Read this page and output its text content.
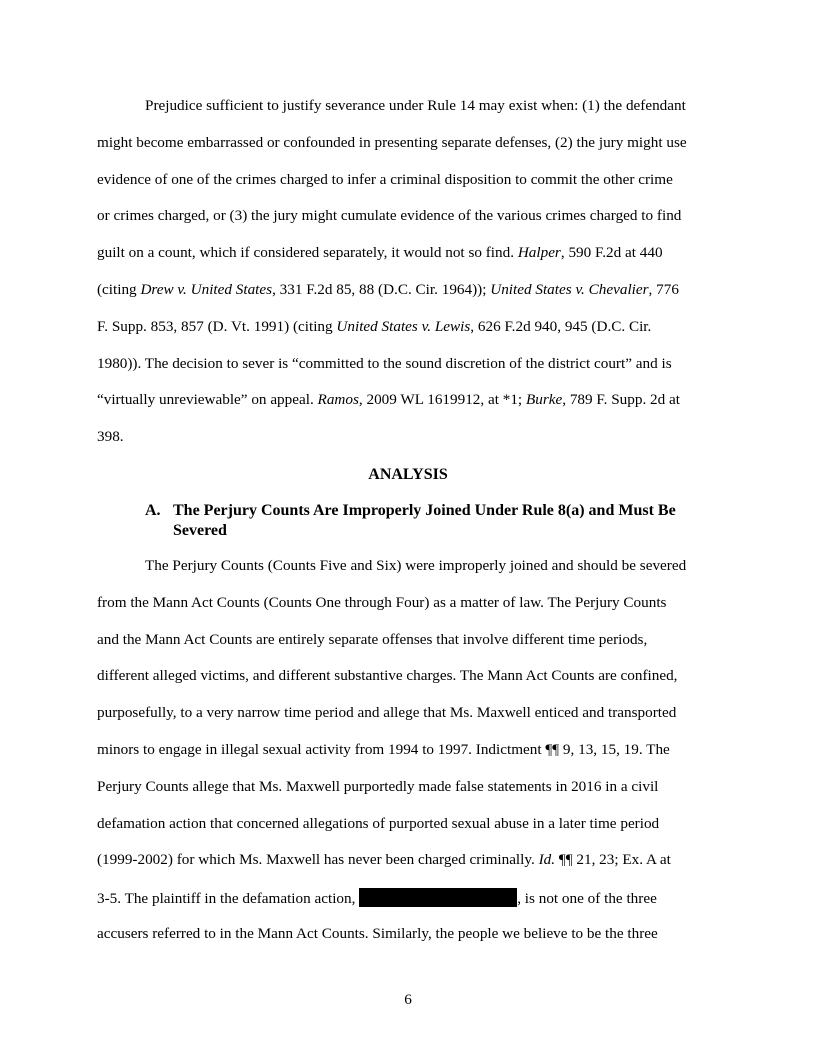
Prejudice sufficient to justify severance under Rule 14 may exist when: (1) the defendant
might become embarrassed or confounded in presenting separate defenses, (2) the jury might use
evidence of one of the crimes charged to infer a criminal disposition to commit the other crime
or crimes charged, or (3) the jury might cumulate evidence of the various crimes charged to find
guilt on a count, which if considered separately, it would not so find. Halper, 590 F.2d at 440
(citing Drew v. United States, 331 F.2d 85, 88 (D.C. Cir. 1964)); United States v. Chevalier, 776
F. Supp. 853, 857 (D. Vt. 1991) (citing United States v. Lewis, 626 F.2d 940, 945 (D.C. Cir.
1980)). The decision to sever is “committed to the sound discretion of the district court” and is
“virtually unreviewable” on appeal. Ramos, 2009 WL 1619912, at *1; Burke, 789 F. Supp. 2d at
398.
ANALYSIS
A. The Perjury Counts Are Improperly Joined Under Rule 8(a) and Must Be
Severed
The Perjury Counts (Counts Five and Six) were improperly joined and should be severed
from the Mann Act Counts (Counts One through Four) as a matter of law. The Perjury Counts
and the Mann Act Counts are entirely separate offenses that involve different time periods,
different alleged victims, and different substantive charges. The Mann Act Counts are confined,
purposefully, to a very narrow time period and allege that Ms. Maxwell enticed and transported
minors to engage in illegal sexual activity from 1994 to 1997. Indictment ¶¶ 9, 13, 15, 19. The
Perjury Counts allege that Ms. Maxwell purportedly made false statements in 2016 in a civil
defamation action that concerned allegations of purported sexual abuse in a later time period
(1999-2002) for which Ms. Maxwell has never been charged criminally. Id. ¶¶ 21, 23; Ex. A at
3-5. The plaintiff in the defamation action,	, is not one of the three
accusers referred to in the Mann Act Counts. Similarly, the people we believe to be the three
6
